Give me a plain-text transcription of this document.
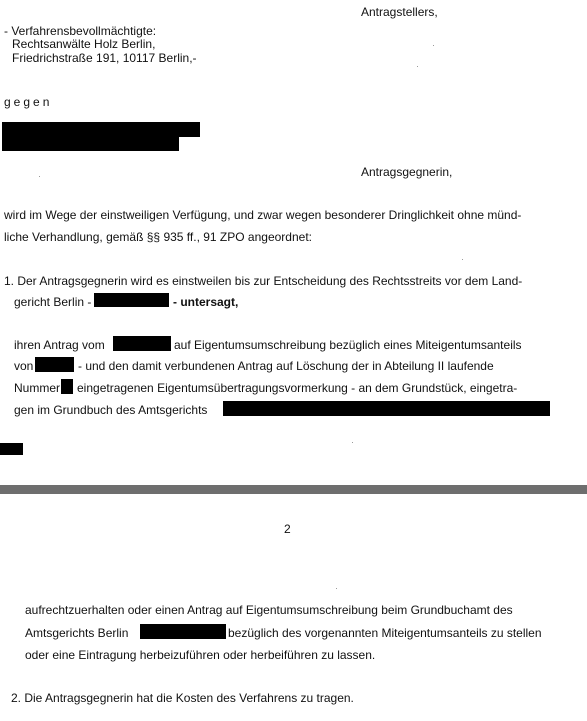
Antragstellers,
- Verfahrensbevollmächtigte:
Rechtsanwälte Holz Berlin,
Friedrichstraße 191, 10117 Berlin,-
gegen
Antragsgegnerin,
wird im Wege der einstweiligen Verfügung, und zwar wegen besonderer Dringlichkeit ohne münd-
liche Verhandlung, gemäß §§ 935 ff., 91 ZPO angeordnet:
1. Der Antragsgegnerin wird es einstweilen bis zur Entscheidung des Rechtsstreits vor dem Land-
gericht Berlin -	- untersagt,
ihren Antrag vom	auf Eigentumsumschreibung bezüglich eines Miteigentumsanteils
von	- und den damit verbundenen Antrag auf Löschung der in Abteilung II laufende
Nummer eingetragenen Eigentumsübertragungsvormerkung - an dem Grundstück, eingetra-
gen im Grundbuch des Amtsgerichts
2
aufrechtzuerhalten oder einen Antrag auf Eigentumsumschreibung beim Grundbuchamt des
Amtsgerichts Berlin	bezüglich des vorgenannten Miteigentumsanteils zu stellen
oder eine Eintragung herbeizuführen oder herbeiführen zu lassen.
2. Die Antragsgegnerin hat die Kosten des Verfahrens zu tragen.
